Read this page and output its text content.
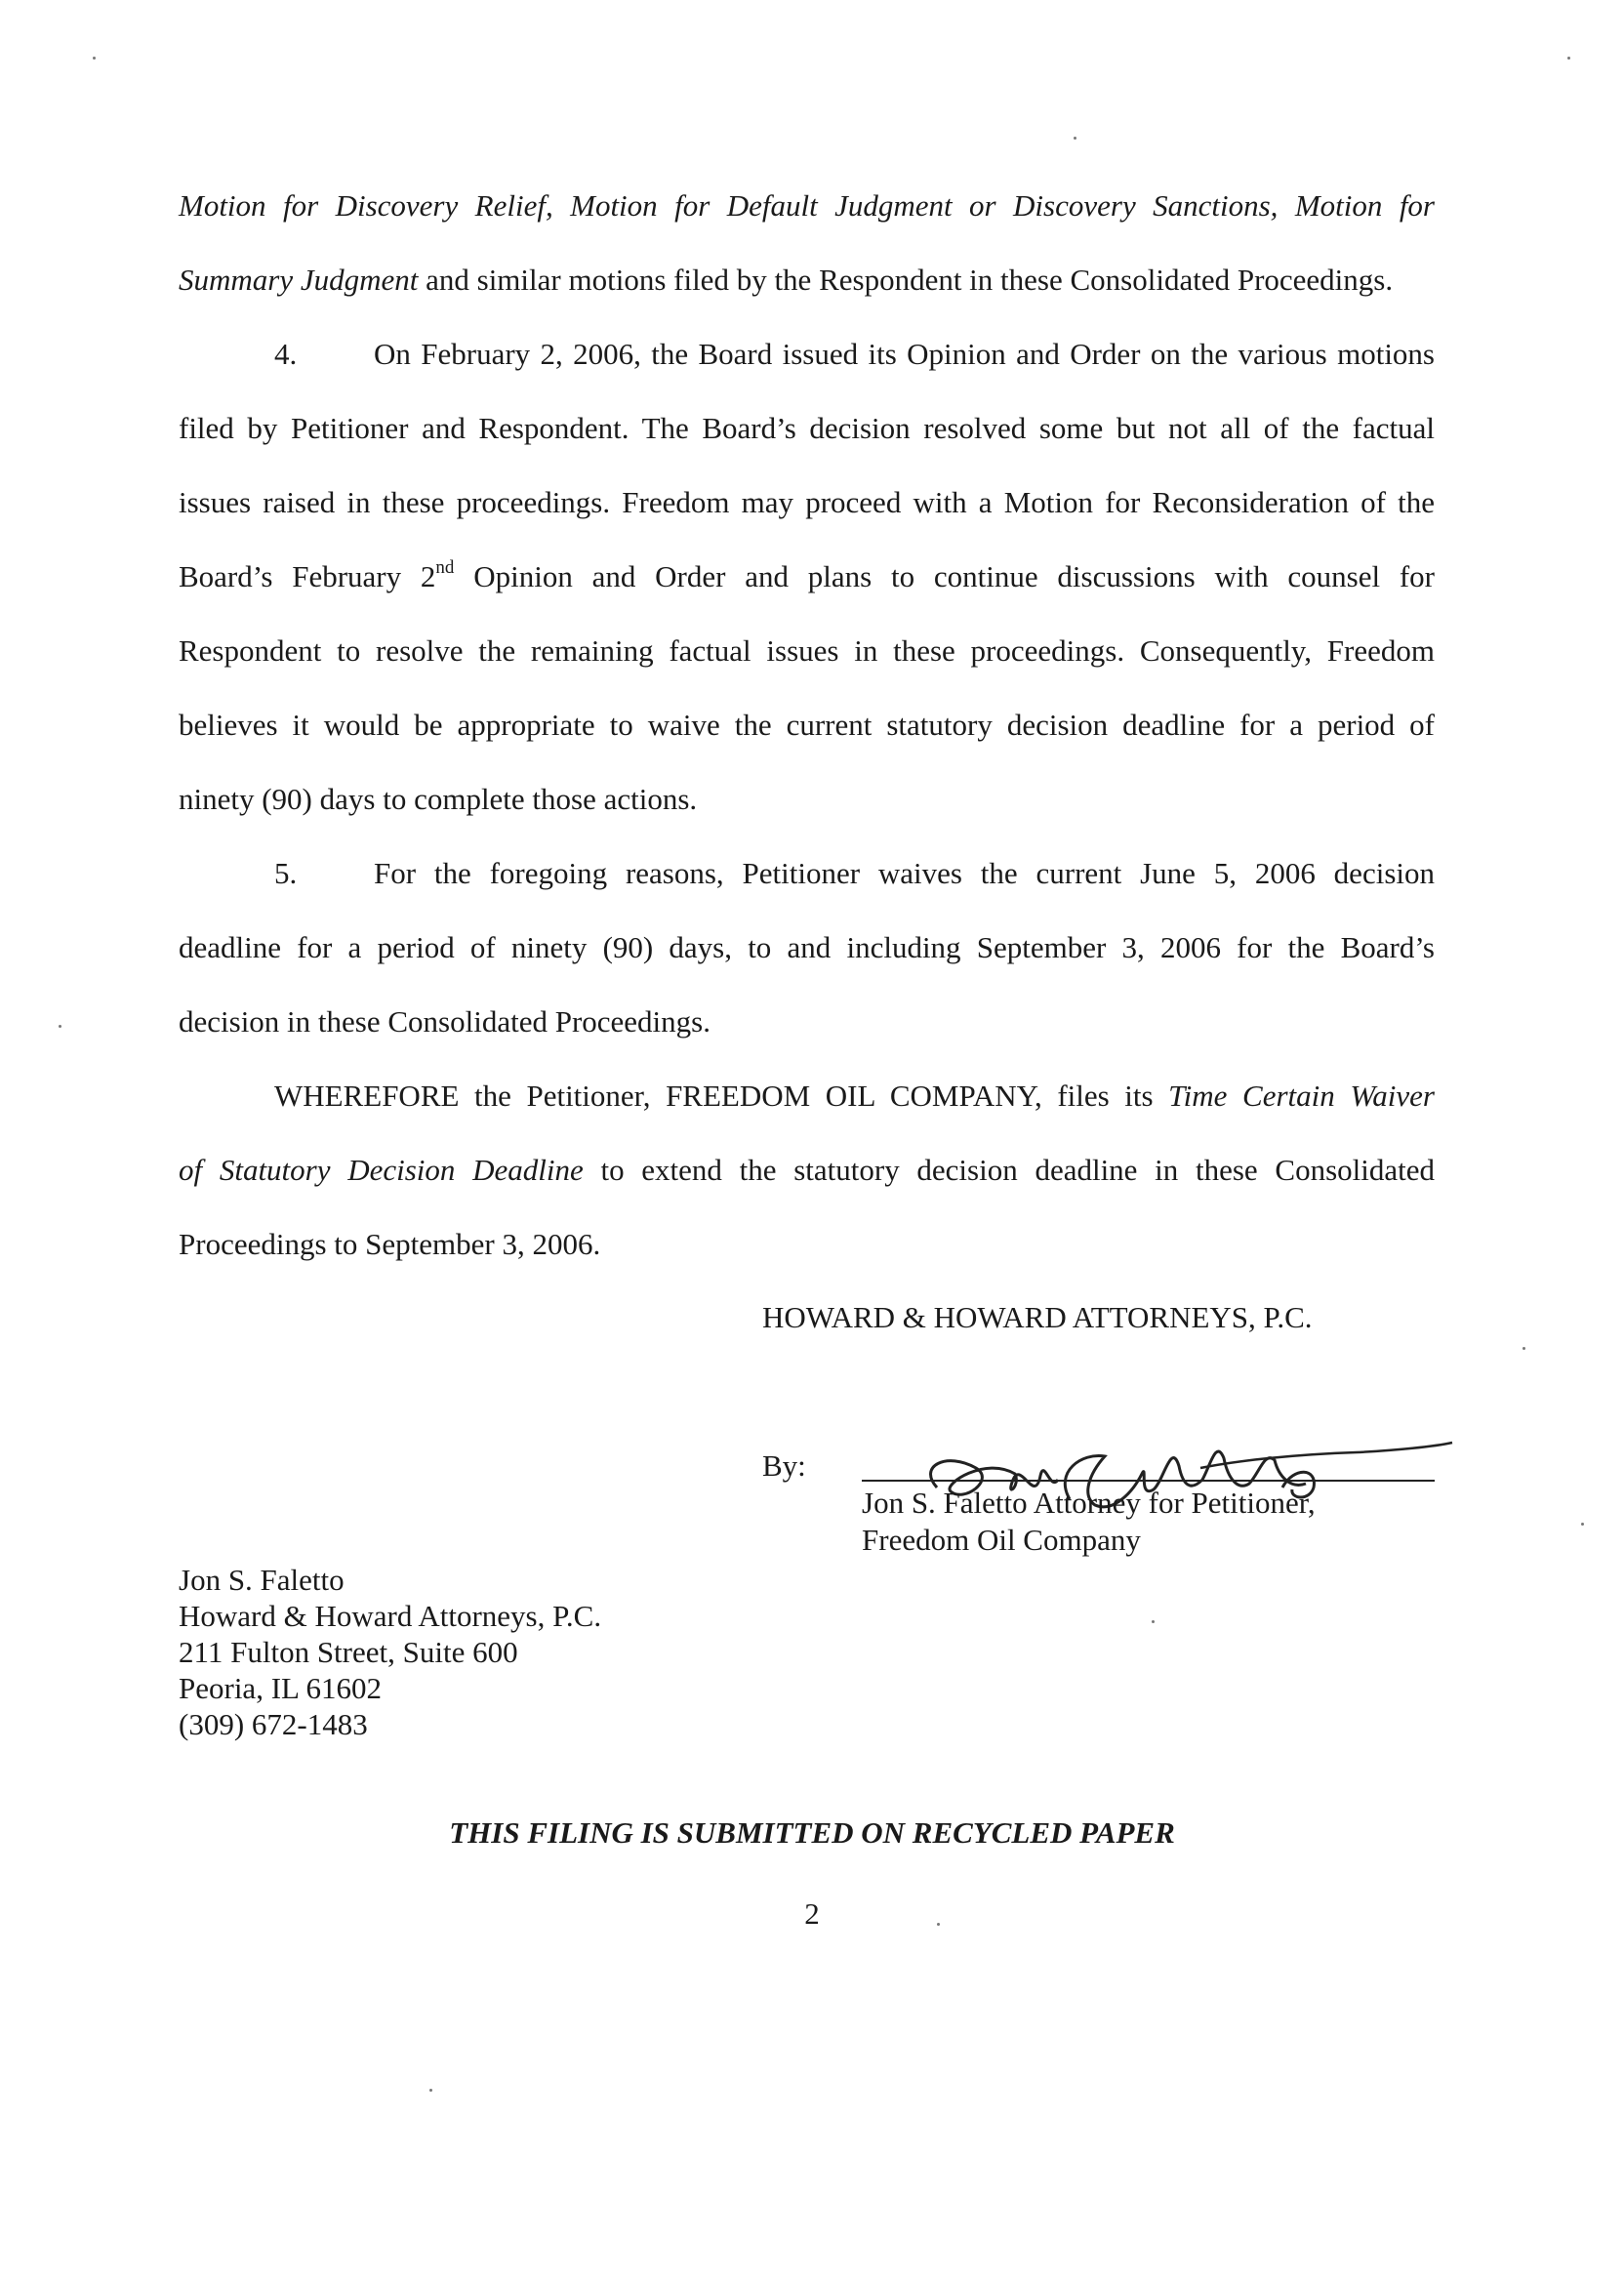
Motion for Discovery Relief, Motion for Default Judgment or Discovery Sanctions, Motion for
Summary Judgment and similar motions filed by the Respondent in these Consolidated Proceedings.
4.	On February 2, 2006, the Board issued its Opinion and Order on the various motions
filed by Petitioner and Respondent. The Board’s decision resolved some but not all of the factual
issues raised in these proceedings. Freedom may proceed with a Motion for Reconsideration of the
Board’s February 2nd Opinion and Order and plans to continue discussions with counsel for
Respondent to resolve the remaining factual issues in these proceedings. Consequently, Freedom
believes it would be appropriate to waive the current statutory decision deadline for a period of
ninety (90) days to complete those actions.
5.	For the foregoing reasons, Petitioner waives the current June 5, 2006 decision
deadline for a period of ninety (90) days, to and including September 3, 2006 for the Board’s
decision in these Consolidated Proceedings.
WHEREFORE the Petitioner, FREEDOM OIL COMPANY, files its Time Certain Waiver
of Statutory Decision Deadline to extend the statutory decision deadline in these Consolidated
Proceedings to September 3, 2006.
HOWARD & HOWARD ATTORNEYS, P.C.
By:
Jon S. Faletto Attorney for Petitioner,
Freedom Oil Company
Jon S. Faletto
Howard & Howard Attorneys, P.C.
211 Fulton Street, Suite 600
Peoria, IL 61602
(309) 672-1483
THIS FILING IS SUBMITTED ON RECYCLED PAPER
2
